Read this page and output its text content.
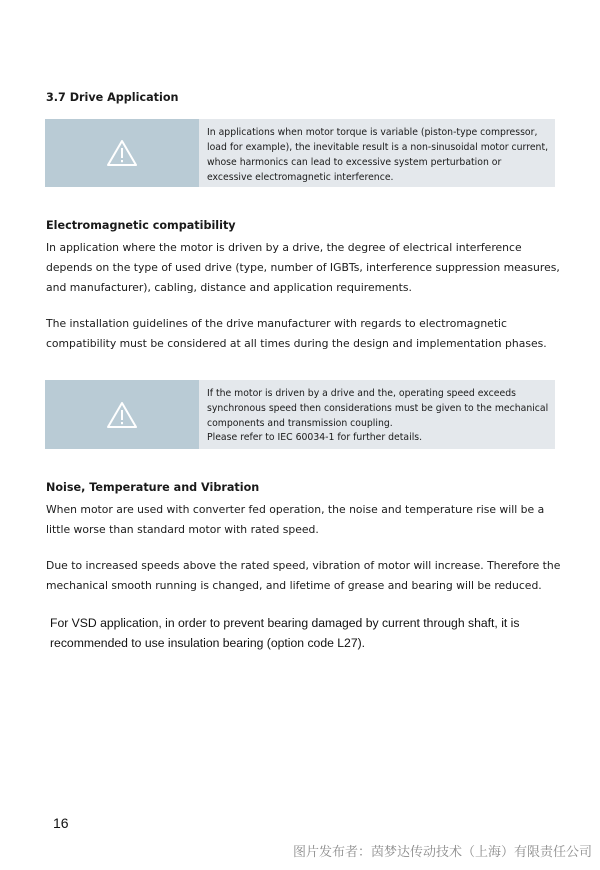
3.7 Drive Application

In applications when motor torque is variable (piston-type compressor, load for example), the inevitable result is a non-sinusoidal motor current, whose harmonics can lead to excessive system perturbation or excessive electromagnetic interference.

Electromagnetic compatibility

In application where the motor is driven by a drive, the degree of electrical interference depends on the type of used drive (type, number of IGBTs, interference suppression measures, and manufacturer), cabling, distance and application requirements.

The installation guidelines of the drive manufacturer with regards to electromagnetic compatibility must be considered at all times during the design and implementation phases.

If the motor is driven by a drive and the, operating speed exceeds synchronous speed then considerations must be given to the mechanical components and transmission coupling.

Please refer to IEC 60034-1 for further details.

Noise, Temperature and Vibration

When motor are used with converter fed operation, the noise and temperature rise will be a little worse than standard motor with rated speed.

Due to increased speeds above the rated speed, vibration of motor will increase. Therefore the mechanical smooth running is changed, and lifetime of grease and bearing will be reduced.

For VSD application, in order to prevent bearing damaged by current through shaft, it is recommended to use insulation bearing (option code L27).

16
图片发布者：茵梦达传动技术（上海）有限责任公司
